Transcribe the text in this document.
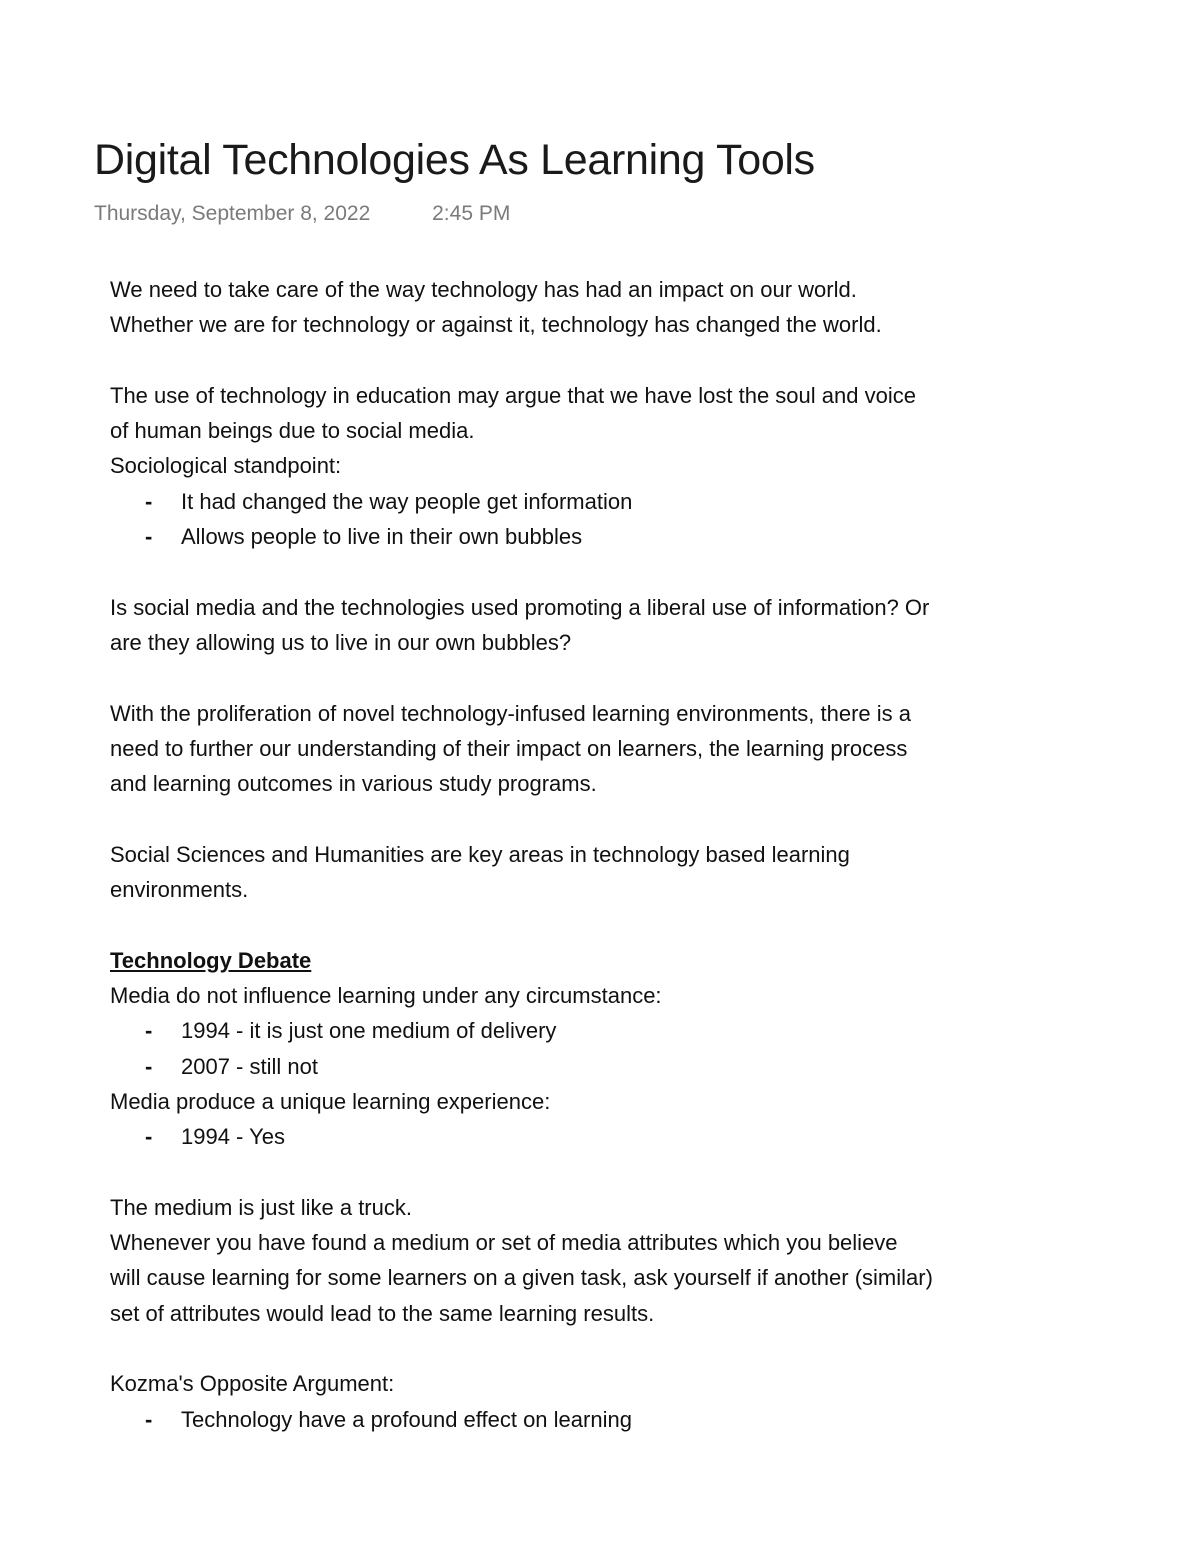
Digital Technologies As Learning Tools
Thursday, September 8, 2022	2:45 PM
We need to take care of the way technology has had an impact on our world.
Whether we are for technology or against it, technology has changed the world.
The use of technology in education may argue that we have lost the soul and voice
of human beings due to social media.
Sociological standpoint:
- It had changed the way people get information
- Allows people to live in their own bubbles
Is social media and the technologies used promoting a liberal use of information? Or
are they allowing us to live in our own bubbles?
With the proliferation of novel technology-infused learning environments, there is a
need to further our understanding of their impact on learners, the learning process
and learning outcomes in various study programs.
Social Sciences and Humanities are key areas in technology based learning
environments.
Technology Debate
Media do not influence learning under any circumstance:
- 1994 - it is just one medium of delivery
- 2007 - still not
Media produce a unique learning experience:
- 1994 - Yes
The medium is just like a truck.
Whenever you have found a medium or set of media attributes which you believe
will cause learning for some learners on a given task, ask yourself if another (similar)
set of attributes would lead to the same learning results.
Kozma's Opposite Argument:
- Technology have a profound effect on learning
